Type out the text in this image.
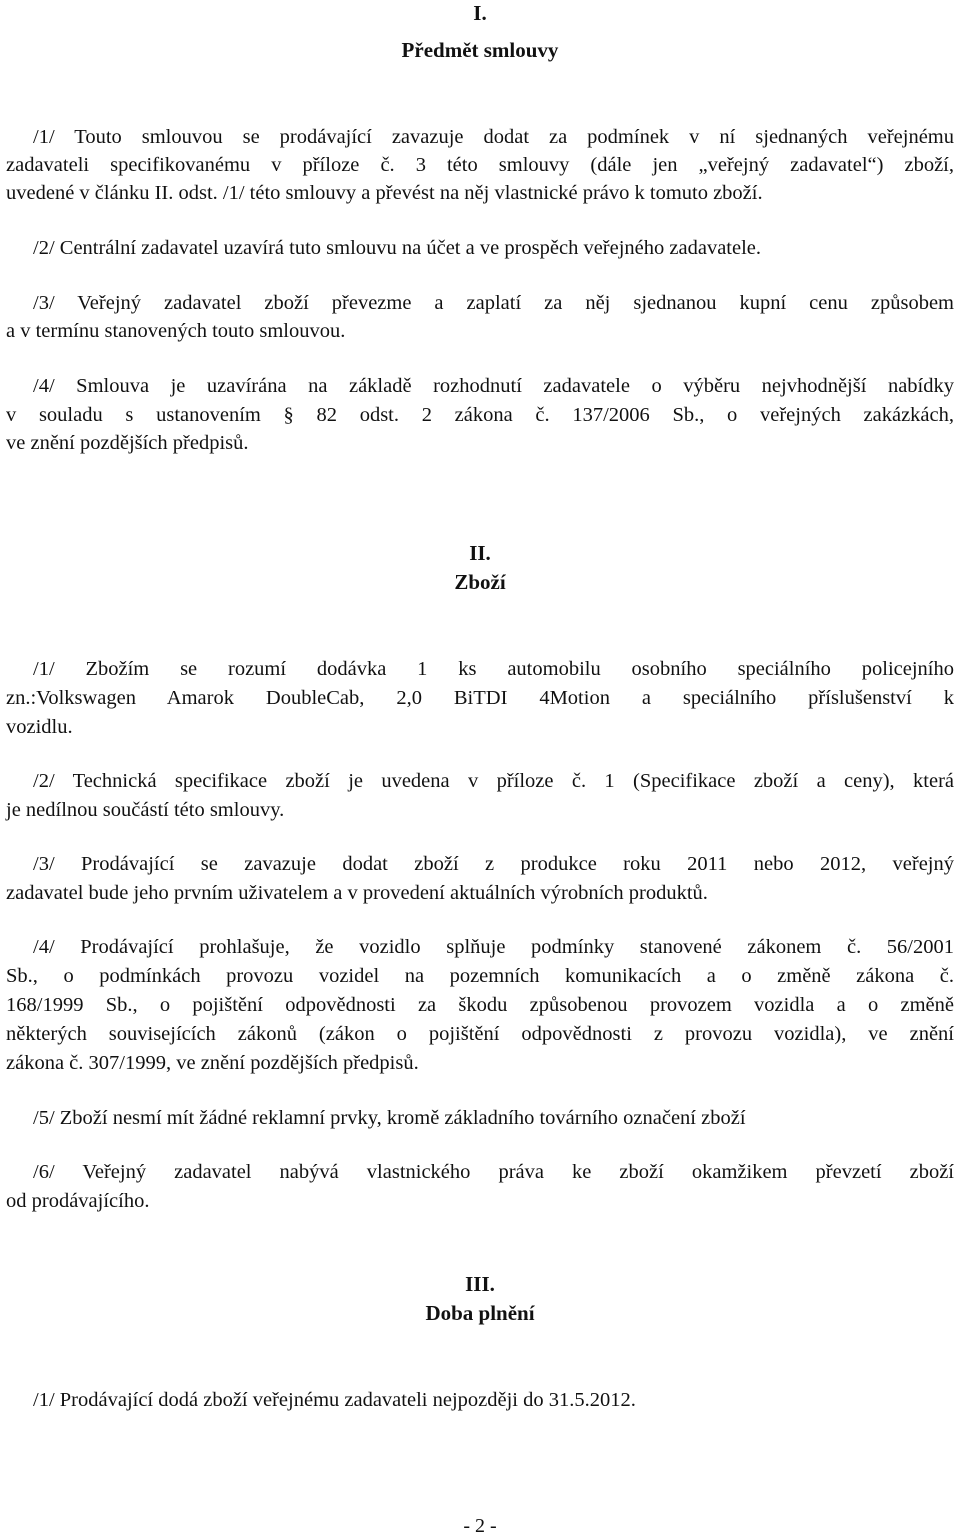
I.
Předmět smlouvy
/1/ Touto smlouvou se prodávající zavazuje dodat za podmínek v ní sjednaných veřejnému
zadavateli specifikovanému v příloze č. 3 této smlouvy (dále jen „veřejný zadavatel“) zboží,
uvedené v článku II. odst. /1/ této smlouvy a převést na něj vlastnické právo k tomuto zboží.
/2/ Centrální zadavatel uzavírá tuto smlouvu na účet a ve prospěch veřejného zadavatele.
/3/ Veřejný zadavatel zboží převezme a zaplatí za něj sjednanou kupní cenu způsobem
a v termínu stanovených touto smlouvou.
/4/ Smlouva je uzavírána na základě rozhodnutí zadavatele o výběru nejvhodnější nabídky
v souladu s ustanovením § 82 odst. 2 zákona č. 137/2006 Sb., o veřejných zakázkách,
ve znění pozdějších předpisů.
II.
Zboží
/1/ Zbožím se rozumí dodávka 1 ks automobilu osobního speciálního policejního
zn.:Volkswagen Amarok DoubleCab, 2,0 BiTDI 4Motion a speciálního příslušenství k
vozidlu.
/2/ Technická specifikace zboží je uvedena v příloze č. 1 (Specifikace zboží a ceny), která
je nedílnou součástí této smlouvy.
/3/ Prodávající se zavazuje dodat zboží z produkce roku 2011 nebo 2012, veřejný
zadavatel bude jeho prvním uživatelem a v provedení aktuálních výrobních produktů.
/4/ Prodávající prohlašuje, že vozidlo splňuje podmínky stanovené zákonem č. 56/2001
Sb., o podmínkách provozu vozidel na pozemních komunikacích a o změně zákona č.
168/1999 Sb., o pojištění odpovědnosti za škodu způsobenou provozem vozidla a o změně
některých souvisejících zákonů (zákon o pojištění odpovědnosti z provozu vozidla), ve znění
zákona č. 307/1999, ve znění pozdějších předpisů.
/5/ Zboží nesmí mít žádné reklamní prvky, kromě základního továrního označení zboží
/6/ Veřejný zadavatel nabývá vlastnického práva ke zboží okamžikem převzetí zboží
od prodávajícího.
III.
Doba plnění
/1/ Prodávající dodá zboží veřejnému zadavateli nejpozději do 31.5.2012.
- 2 -
